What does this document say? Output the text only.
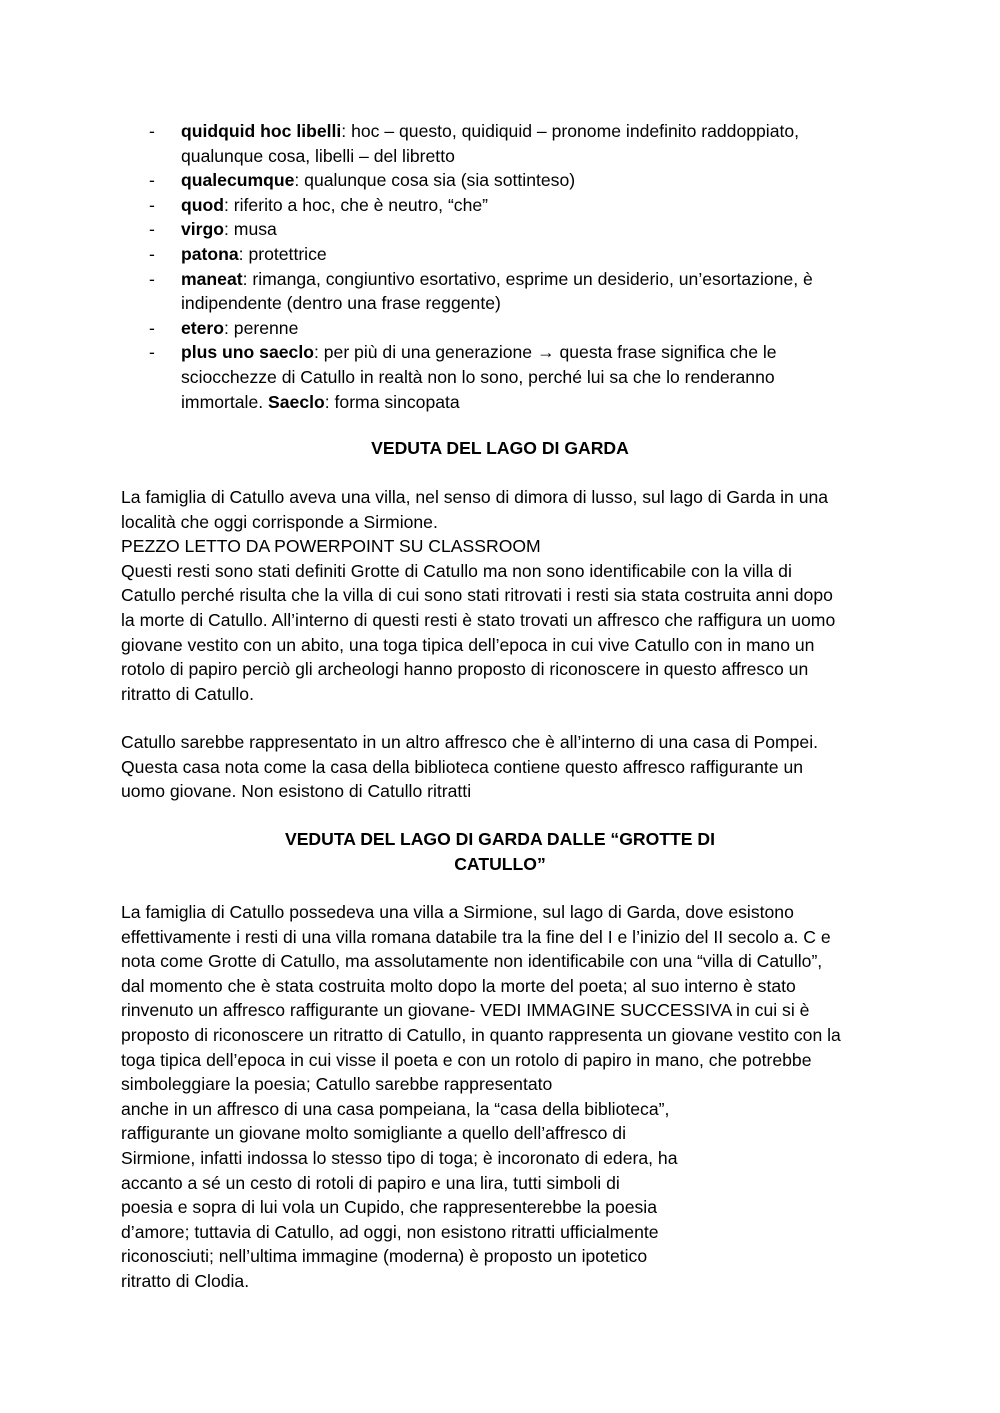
- quidquid hoc libelli: hoc – questo, quidiquid – pronome indefinito raddoppiato,
qualunque cosa, libelli – del libretto
- qualecumque: qualunque cosa sia (sia sottinteso)
- quod: riferito a hoc, che è neutro, “che”
- virgo: musa
- patona: protettrice
- maneat: rimanga, congiuntivo esortativo, esprime un desiderio, un’esortazione, è
indipendente (dentro una frase reggente)
- etero: perenne
- plus uno saeclo: per più di una generazione → questa frase significa che le
sciocchezze di Catullo in realtà non lo sono, perché lui sa che lo renderanno
immortale. Saeclo: forma sincopata
VEDUTA DEL LAGO DI GARDA

La famiglia di Catullo aveva una villa, nel senso di dimora di lusso, sul lago di Garda in una
località che oggi corrisponde a Sirmione.
PEZZO LETTO DA POWERPOINT SU CLASSROOM
Questi resti sono stati definiti Grotte di Catullo ma non sono identificabile con la villa di
Catullo perché risulta che la villa di cui sono stati ritrovati i resti sia stata costruita anni dopo
la morte di Catullo. All’interno di questi resti è stato trovati un affresco che raffigura un uomo
giovane vestito con un abito, una toga tipica dell’epoca in cui vive Catullo con in mano un
rotolo di papiro perciò gli archeologi hanno proposto di riconoscere in questo affresco un
ritratto di Catullo.

Catullo sarebbe rappresentato in un altro affresco che è all’interno di una casa di Pompei.
Questa casa nota come la casa della biblioteca contiene questo affresco raffigurante un
uomo giovane. Non esistono di Catullo ritratti

VEDUTA DEL LAGO DI GARDA DALLE “GROTTE DI
CATULLO”

La famiglia di Catullo possedeva una villa a Sirmione, sul lago di Garda, dove esistono
effettivamente i resti di una villa romana databile tra la fine del I e l’inizio del II secolo a. C e
nota come Grotte di Catullo, ma assolutamente non identificabile con una “villa di Catullo”,
dal momento che è stata costruita molto dopo la morte del poeta; al suo interno è stato
rinvenuto un affresco raffigurante un giovane- VEDI IMMAGINE SUCCESSIVA in cui si è
proposto di riconoscere un ritratto di Catullo, in quanto rappresenta un giovane vestito con la
toga tipica dell’epoca in cui visse il poeta e con un rotolo di papiro in mano, che potrebbe
simboleggiare la poesia; Catullo sarebbe rappresentato
anche in un affresco di una casa pompeiana, la “casa della biblioteca”,
raffigurante un giovane molto somigliante a quello dell’affresco di
Sirmione, infatti indossa lo stesso tipo di toga; è incoronato di edera, ha
accanto a sé un cesto di rotoli di papiro e una lira, tutti simboli di
poesia e sopra di lui vola un Cupido, che rappresenterebbe la poesia
d’amore; tuttavia di Catullo, ad oggi, non esistono ritratti ufficialmente
riconosciuti; nell’ultima immagine (moderna) è proposto un ipotetico
ritratto di Clodia.
